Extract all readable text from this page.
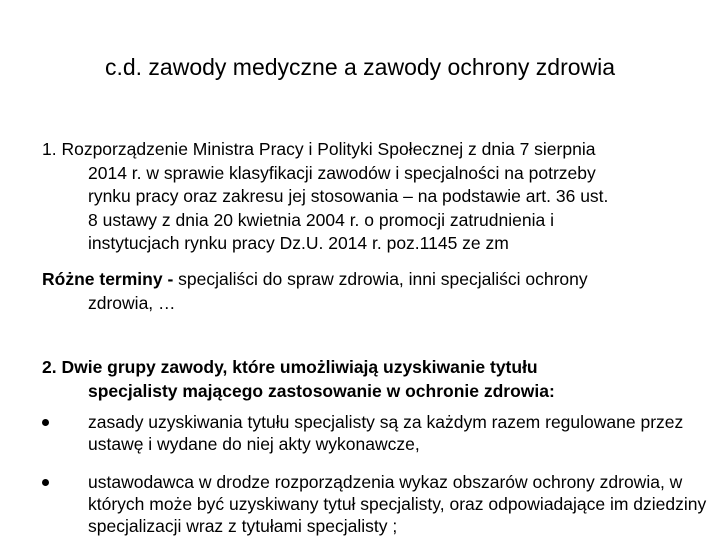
c.d. zawody medyczne a zawody ochrony zdrowia
1. Rozporządzenie Ministra Pracy i Polityki Społecznej z dnia 7 sierpnia
2014 r. w sprawie klasyfikacji zawodów i specjalności na potrzeby
rynku pracy oraz zakresu jej stosowania – na podstawie art. 36 ust.
8 ustawy z dnia 20 kwietnia 2004 r. o promocji zatrudnienia i
instytucjach rynku pracy Dz.U. 2014 r. poz.1145 ze zm
Różne terminy - specjaliści do spraw zdrowia, inni specjaliści ochrony
zdrowia, …
2. Dwie grupy zawody, które umożliwiają uzyskiwanie tytułu
specjalisty mającego zastosowanie w ochronie zdrowia:
zasady uzyskiwania tytułu specjalisty są za każdym razem regulowane przez ustawę i wydane do niej akty wykonawcze,
ustawodawca w drodze rozporządzenia wykaz obszarów ochrony zdrowia, w których może być uzyskiwany tytuł specjalisty, oraz odpowiadające im dziedziny specjalizacji wraz z tytułami specjalisty ;
